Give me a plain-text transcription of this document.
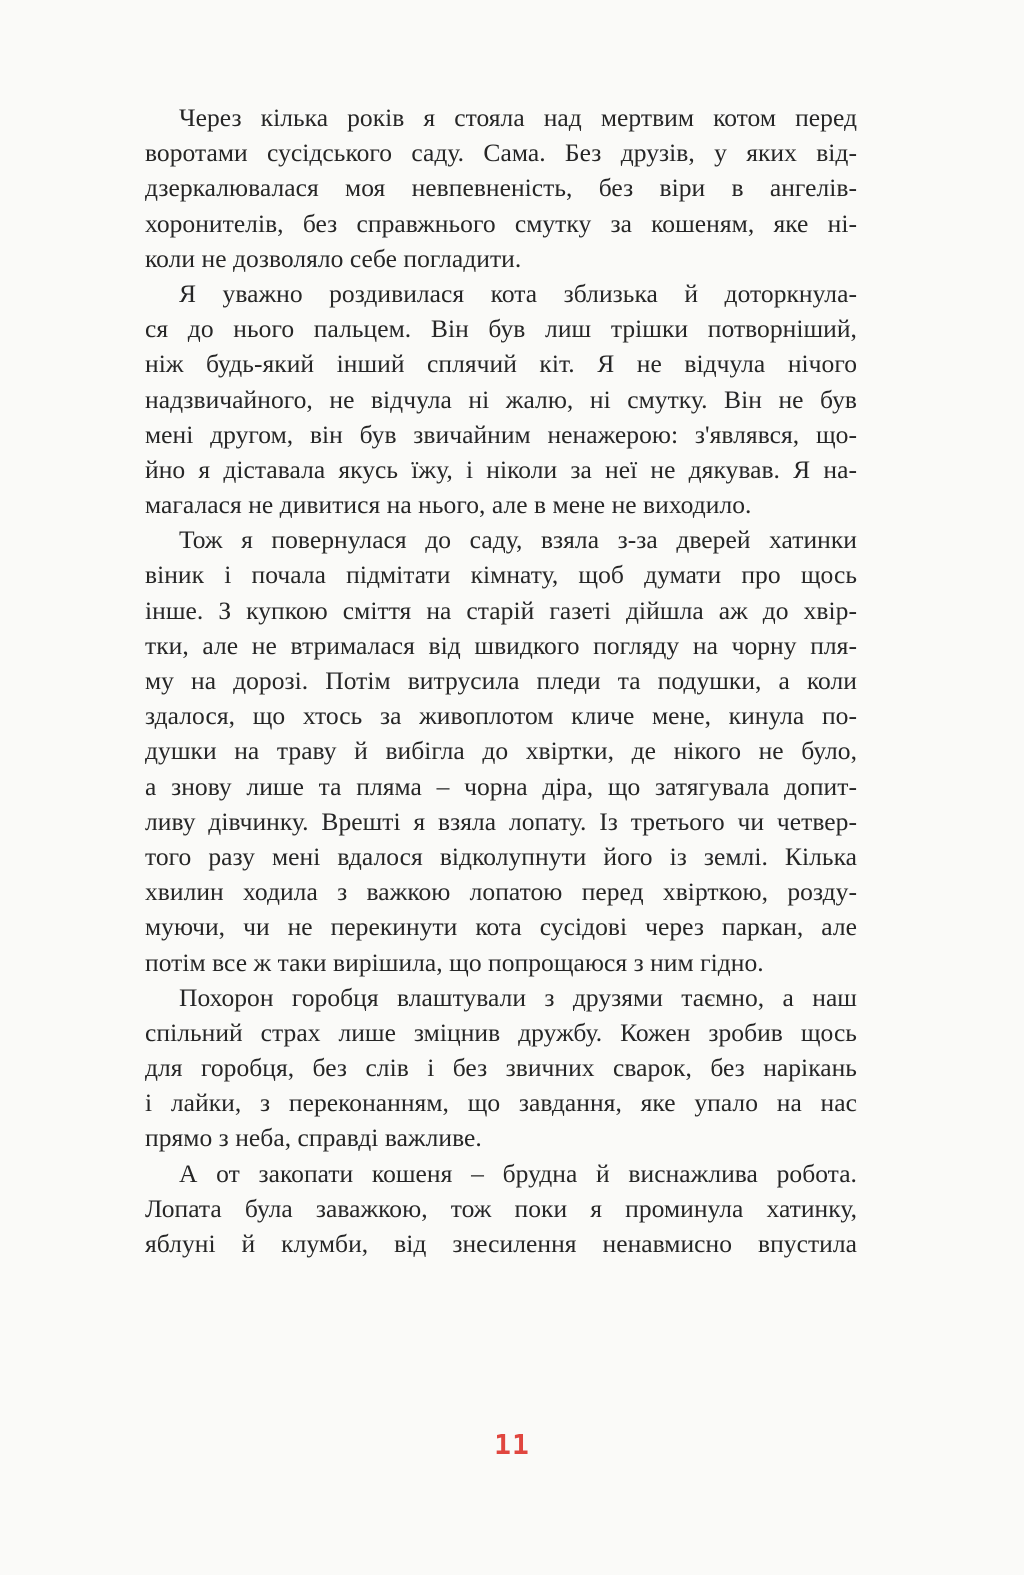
Через кілька років я стояла над мертвим котом перед
воротами сусідського саду. Сама. Без друзів, у яких від-
дзеркалювалася моя невпевненість, без віри в ангелів-
хоронителів, без справжнього смутку за кошеням, яке ні-
коли не дозволяло себе погладити.

Я уважно роздивилася кота зблизька й доторкнула-
ся до нього пальцем. Він був лиш трішки потворніший,
ніж будь-який інший сплячий кіт. Я не відчула нічого
надзвичайного, не відчула ні жалю, ні смутку. Він не був
мені другом, він був звичайним ненажерою: з'являвся, що-
йно я діставала якусь їжу, і ніколи за неї не дякував. Я на-
магалася не дивитися на нього, але в мене не виходило.

Тож я повернулася до саду, взяла з-за дверей хатинки
віник і почала підмітати кімнату, щоб думати про щось
інше. З купкою сміття на старій газеті дійшла аж до хвір-
тки, але не втрималася від швидкого погляду на чорну пля-
му на дорозі. Потім витрусила пледи та подушки, а коли
здалося, що хтось за живоплотом кличе мене, кинула по-
душки на траву й вибігла до хвіртки, де нікого не було,
а знову лише та пляма – чорна діра, що затягувала допит-
ливу дівчинку. Врешті я взяла лопату. Із третього чи четвер-
того разу мені вдалося відколупнути його із землі. Кілька
хвилин ходила з важкою лопатою перед хвірткою, розду-
муючи, чи не перекинути кота сусідові через паркан, але
потім все ж таки вирішила, що попрощаюся з ним гідно.

Похорон горобця влаштували з друзями таємно, а наш
спільний страх лише зміцнив дружбу. Кожен зробив щось
для горобця, без слів і без звичних сварок, без нарікань
і лайки, з переконанням, що завдання, яке упало на нас
прямо з неба, справді важливе.

А от закопати кошеня – брудна й виснажлива робота.
Лопата була заважкою, тож поки я проминула хатинку,
яблуні й клумби, від знесилення ненавмисно впустила

11
